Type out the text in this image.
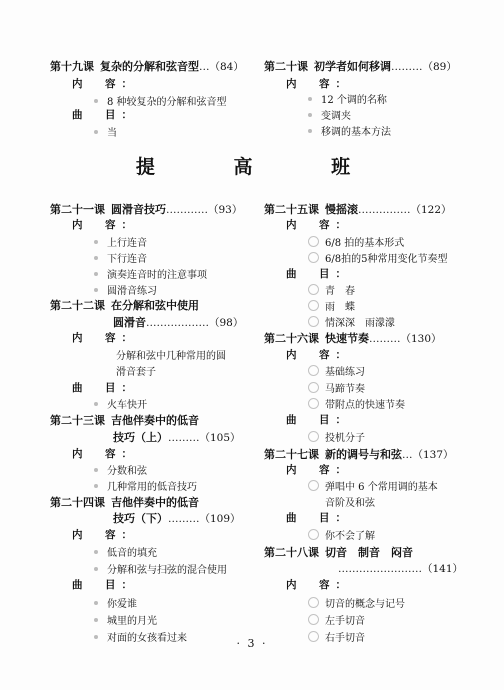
第十九课 复杂的分解和弦音型…（84）
内　容：
8 种较复杂的分解和弦音型
曲　目：
当
第二十课 初学者如何移调………（89）
内　容：
12 个调的名称
变调夹
移调的基本方法
提 高 班
第二十一课 圆滑音技巧…………（93）
内　容：
上行连音
下行连音
演奏连音时的注意事项
圆滑音练习
第二十二课 在分解和弦中使用
圆滑音………………（98）
内　容：
分解和弦中几种常用的圆
滑音套子
曲　目：
火车快开
第二十三课 吉他伴奏中的低音
技巧（上）………（105）
内　容：
分数和弦
几种常用的低音技巧
第二十四课 吉他伴奏中的低音
技巧（下）………（109）
内　容：
低音的填充
分解和弦与扫弦的混合使用
曲　目：
你爱谁
城里的月光
对面的女孩看过来
第二十五课 慢摇滚……………（122）
内　容：
6/8 拍的基本形式
6/8拍的5种常用变化节奏型
曲　目：
青　春
雨　蝶
情深深　雨濛濛
第二十六课 快速节奏………（130）
内　容：
基础练习
马蹄节奏
带附点的快速节奏
曲　目：
投机分子
第二十七课 新的调号与和弦…（137）
内　容：
弹唱中 6 个常用调的基本
音阶及和弦
曲　目：
你不会了解
第二十八课 切音　制音　闷音
……………………（141）
内　容：
切音的概念与记号
左手切音
右手切音
· 3 ·
